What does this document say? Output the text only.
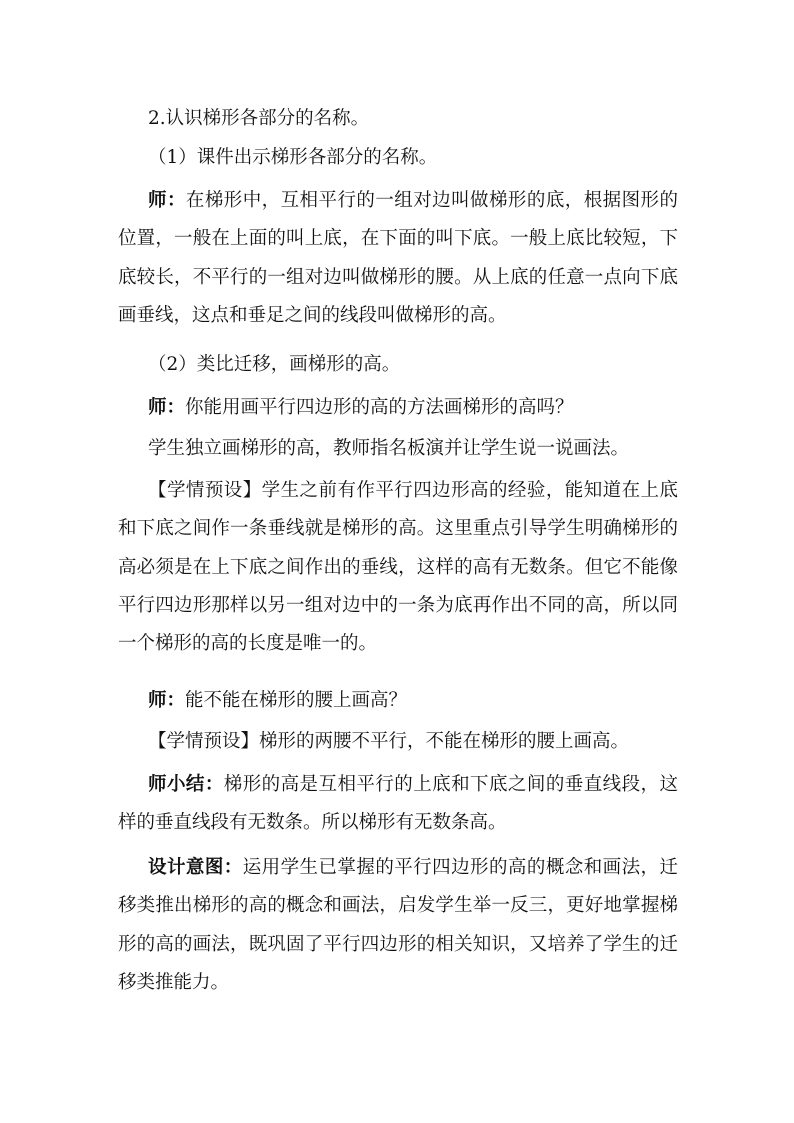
2.认识梯形各部分的名称。

（1）课件出示梯形各部分的名称。

师：在梯形中，互相平行的一组对边叫做梯形的底，根据图形的位置，一般在上面的叫上底，在下面的叫下底。一般上底比较短，下底较长，不平行的一组对边叫做梯形的腰。从上底的任意一点向下底画垂线，这点和垂足之间的线段叫做梯形的高。

（2）类比迁移，画梯形的高。

师：你能用画平行四边形的高的方法画梯形的高吗？

学生独立画梯形的高，教师指名板演并让学生说一说画法。

【学情预设】学生之前有作平行四边形高的经验，能知道在上底和下底之间作一条垂线就是梯形的高。这里重点引导学生明确梯形的高必须是在上下底之间作出的垂线，这样的高有无数条。但它不能像平行四边形那样以另一组对边中的一条为底再作出不同的高，所以同一个梯形的高的长度是唯一的。

师：能不能在梯形的腰上画高？

【学情预设】梯形的两腰不平行，不能在梯形的腰上画高。

师小结：梯形的高是互相平行的上底和下底之间的垂直线段，这样的垂直线段有无数条。所以梯形有无数条高。

设计意图：运用学生已掌握的平行四边形的高的概念和画法，迁移类推出梯形的高的概念和画法，启发学生举一反三，更好地掌握梯形的高的画法，既巩固了平行四边形的相关知识，又培养了学生的迁移类推能力。
